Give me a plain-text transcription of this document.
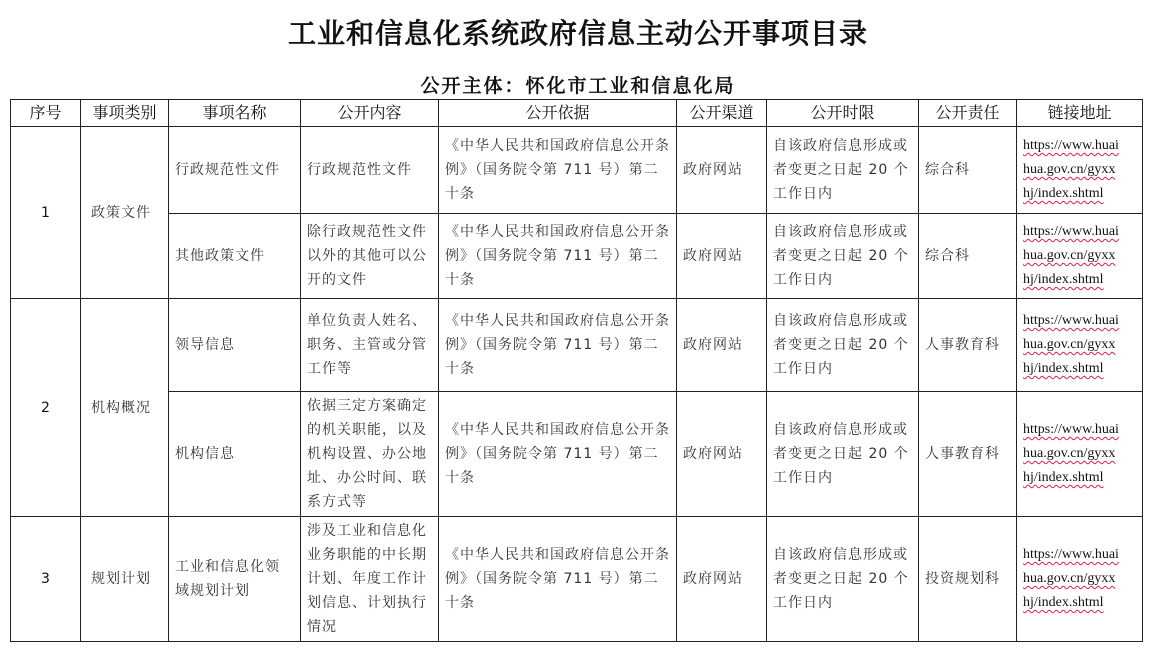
工业和信息化系统政府信息主动公开事项目录
公开主体：怀化市工业和信息化局
序号	事项类别	事项名称	公开内容	公开依据	公开渠道	公开时限	公开责任	链接地址
1	政策文件	行政规范性文件	行政规范性文件	《中华人民共和国政府信息公开条例》（国务院令第 711 号）第二十条	政府网站	自该政府信息形成或者变更之日起 20 个工作日内	综合科	https://www.huai
hua.gov.cn/gyxx
hj/index.shtml

		其他政策文件	除行政规范性文件以外的其他可以公开的文件	《中华人民共和国政府信息公开条例》（国务院令第 711 号）第二十条	政府网站	自该政府信息形成或者变更之日起 20 个工作日内	综合科	https://www.huai
hua.gov.cn/gyxx
hj/index.shtml

2	机构概况	领导信息	单位负责人姓名、职务、主管或分管工作等	《中华人民共和国政府信息公开条例》（国务院令第 711 号）第二十条	政府网站	自该政府信息形成或者变更之日起 20 个工作日内	人事教育科	https://www.huai
hua.gov.cn/gyxx
hj/index.shtml

		机构信息	依据三定方案确定的机关职能，以及机构设置、办公地址、办公时间、联系方式等	《中华人民共和国政府信息公开条例》（国务院令第 711 号）第二十条	政府网站	自该政府信息形成或者变更之日起 20 个工作日内	人事教育科	https://www.huai
hua.gov.cn/gyxx
hj/index.shtml

3	规划计划	工业和信息化领域规划计划	涉及工业和信息化业务职能的中长期计划、年度工作计划信息、计划执行情况	《中华人民共和国政府信息公开条例》（国务院令第 711 号）第二十条	政府网站	自该政府信息形成或者变更之日起 20 个工作日内	投资规划科	https://www.huai
hua.gov.cn/gyxx
hj/index.shtml
